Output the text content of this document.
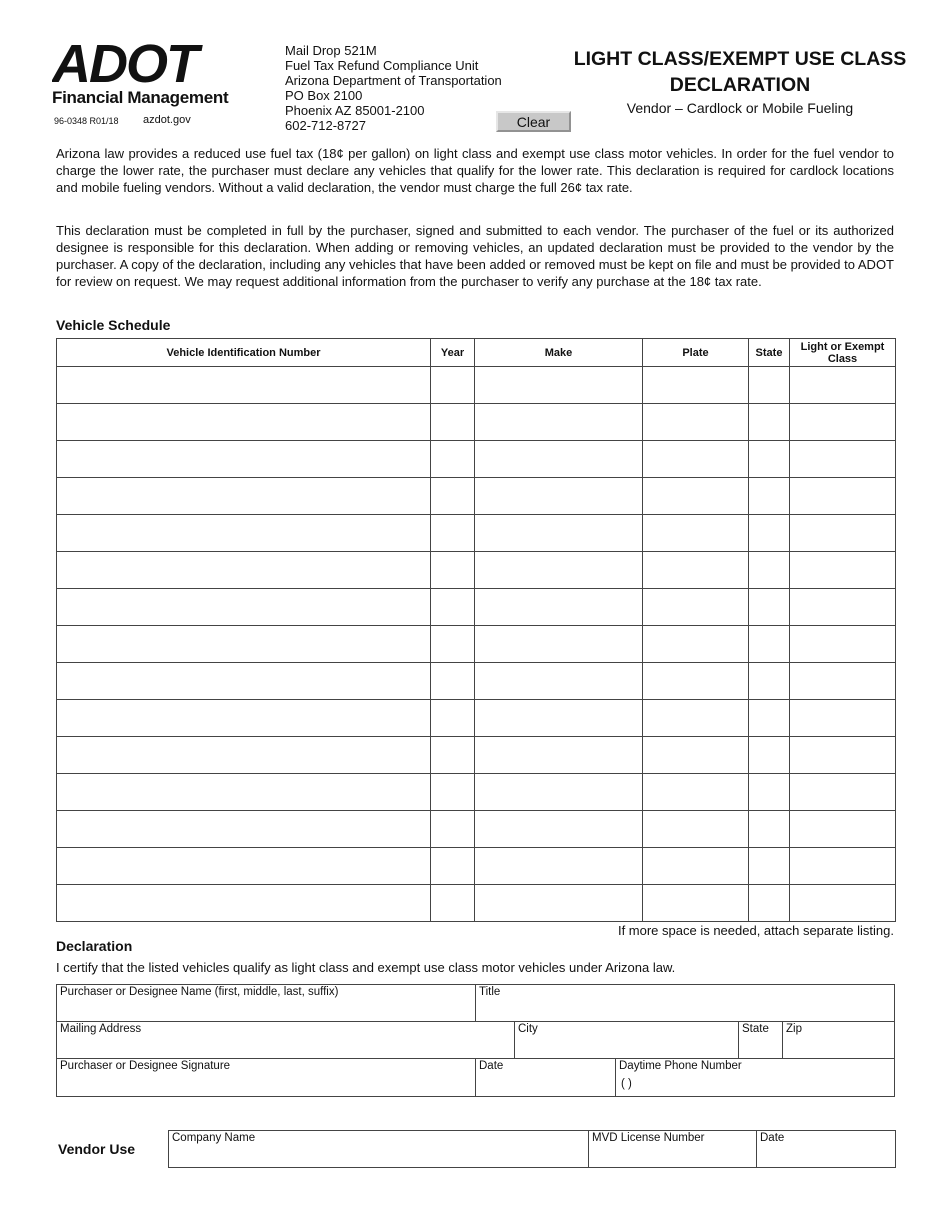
ADOT
Financial Management
96-0348 R01/18 azdot.gov
Mail Drop 521M
Fuel Tax Refund Compliance Unit
Arizona Department of Transportation
PO Box 2100
Phoenix AZ 85001-2100
602-712-8727	Clear
LIGHT CLASS/EXEMPT USE CLASS
DECLARATION
Vendor – Cardlock or Mobile Fueling
Arizona law provides a reduced use fuel tax (18¢ per gallon) on light class and exempt use class motor vehicles. In order for the fuel vendor to charge the lower rate, the purchaser must declare any vehicles that qualify for the lower rate. This declaration is required for cardlock locations and mobile fueling vendors. Without a valid declaration, the vendor must charge the full 26¢ tax rate.
This declaration must be completed in full by the purchaser, signed and submitted to each vendor. The purchaser of the fuel or its authorized designee is responsible for this declaration. When adding or removing vehicles, an updated declaration must be provided to the vendor by the purchaser. A copy of the declaration, including any vehicles that have been added or removed must be kept on file and must be provided to ADOT for review on request. We may request additional information from the purchaser to verify any purchase at the 18¢ tax rate.
Vehicle Schedule
Vehicle Identification Number	Year	Make	Plate	State	Light or Exempt Class

If more space is needed, attach separate listing.
Declaration
I certify that the listed vehicles qualify as light class and exempt use class motor vehicles under Arizona law.
Purchaser or Designee Name (first, middle, last, suffix)	Title
Mailing Address	City	State Zip
Purchaser or Designee Signature	Date	Daytime Phone Number
( )
Vendor Use
Company Name	MVD License Number	Date
